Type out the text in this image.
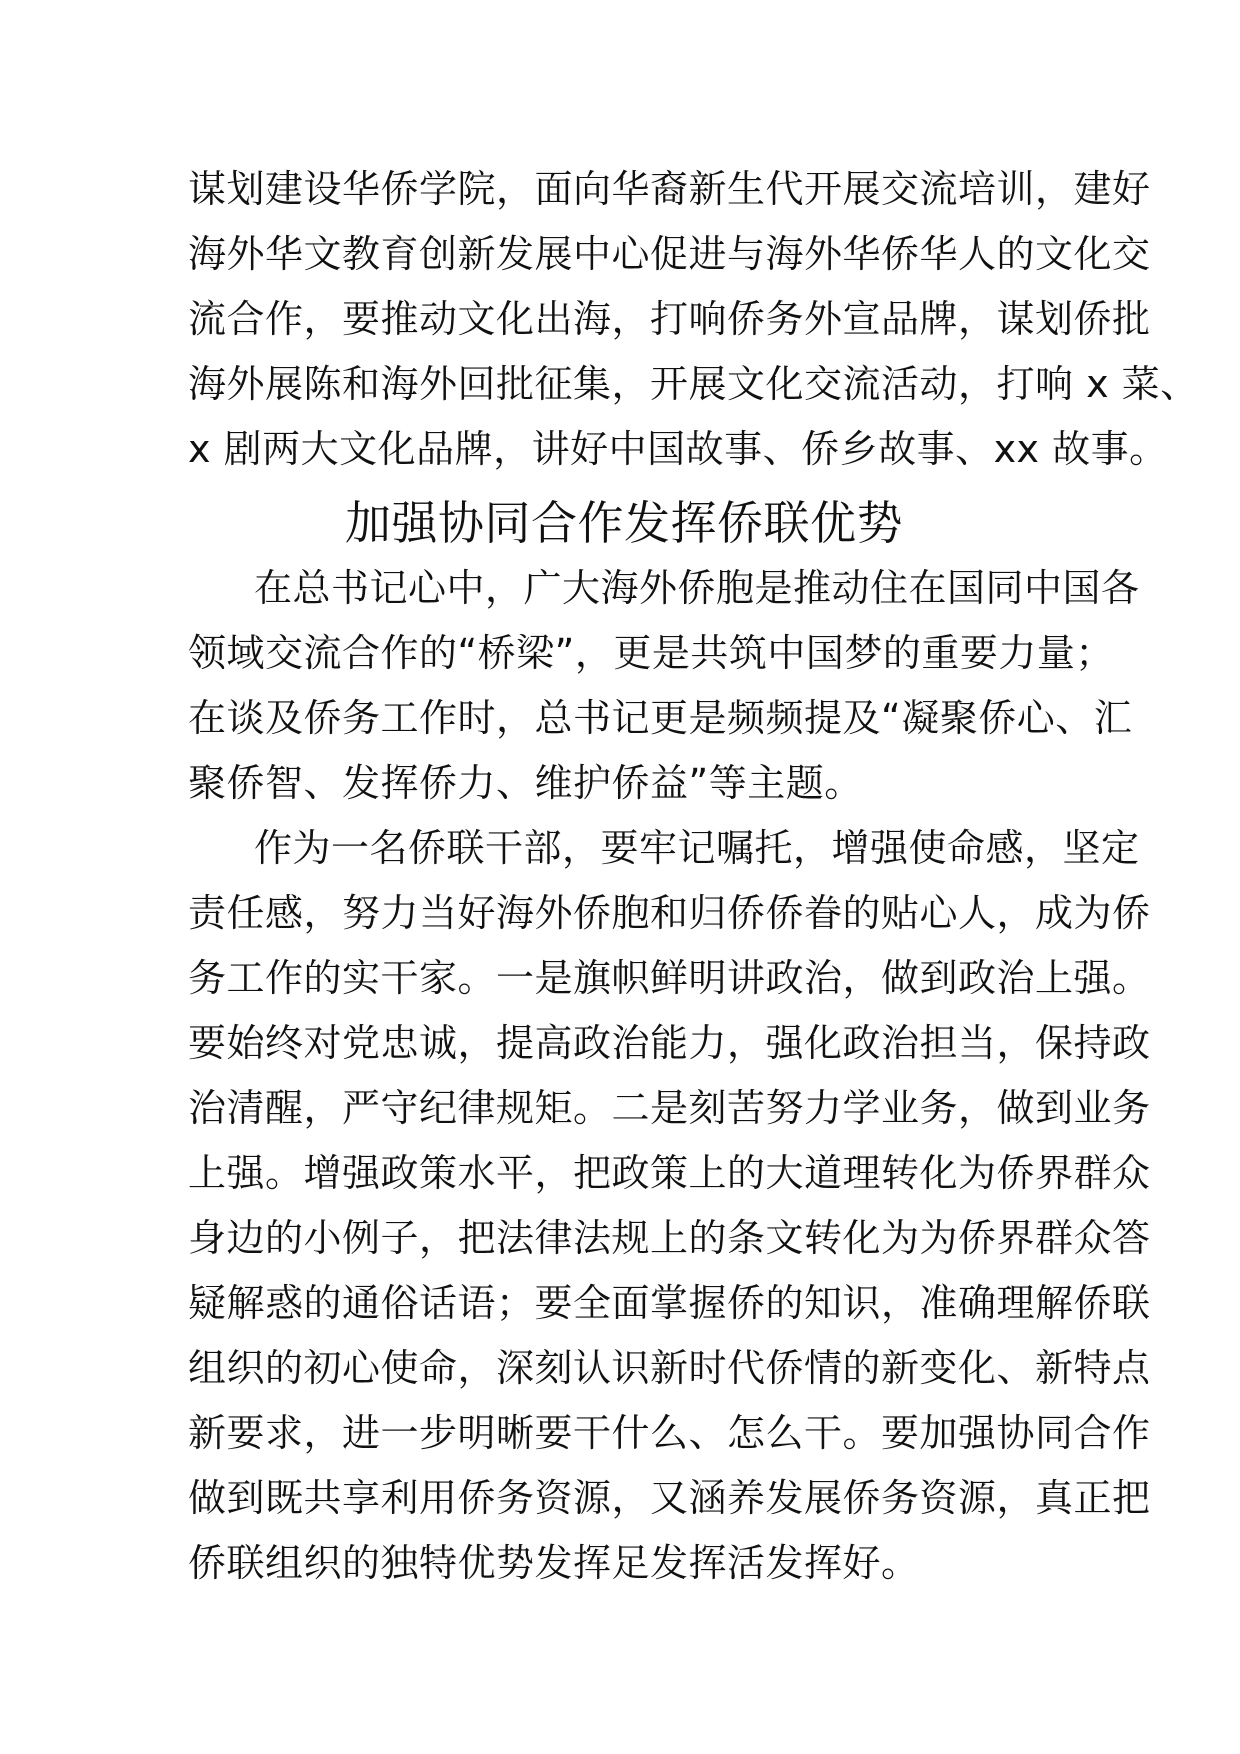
谋划建设华侨学院，面向华裔新生代开展交流培训，建好
海外华文教育创新发展中心促进与海外华侨华人的文化交
流合作，要推动文化出海，打响侨务外宣品牌，谋划侨批
海外展陈和海外回批征集，开展文化交流活动，打响 x 菜、
x 剧两大文化品牌，讲好中国故事、侨乡故事、xx 故事。
加强协同合作发挥侨联优势
在总书记心中，广大海外侨胞是推动住在国同中国各
领域交流合作的“桥梁”，更是共筑中国梦的重要力量；
在谈及侨务工作时，总书记更是频频提及“凝聚侨心、汇
聚侨智、发挥侨力、维护侨益”等主题。
作为一名侨联干部，要牢记嘱托，增强使命感，坚定
责任感，努力当好海外侨胞和归侨侨眷的贴心人，成为侨
务工作的实干家。一是旗帜鲜明讲政治，做到政治上强。
要始终对党忠诚，提高政治能力，强化政治担当，保持政
治清醒，严守纪律规矩。二是刻苦努力学业务，做到业务
上强。增强政策水平，把政策上的大道理转化为侨界群众
身边的小例子，把法律法规上的条文转化为为侨界群众答
疑解惑的通俗话语；要全面掌握侨的知识，准确理解侨联
组织的初心使命，深刻认识新时代侨情的新变化、新特点
新要求，进一步明晰要干什么、怎么干。要加强协同合作
做到既共享利用侨务资源，又涵养发展侨务资源，真正把
侨联组织的独特优势发挥足发挥活发挥好。
